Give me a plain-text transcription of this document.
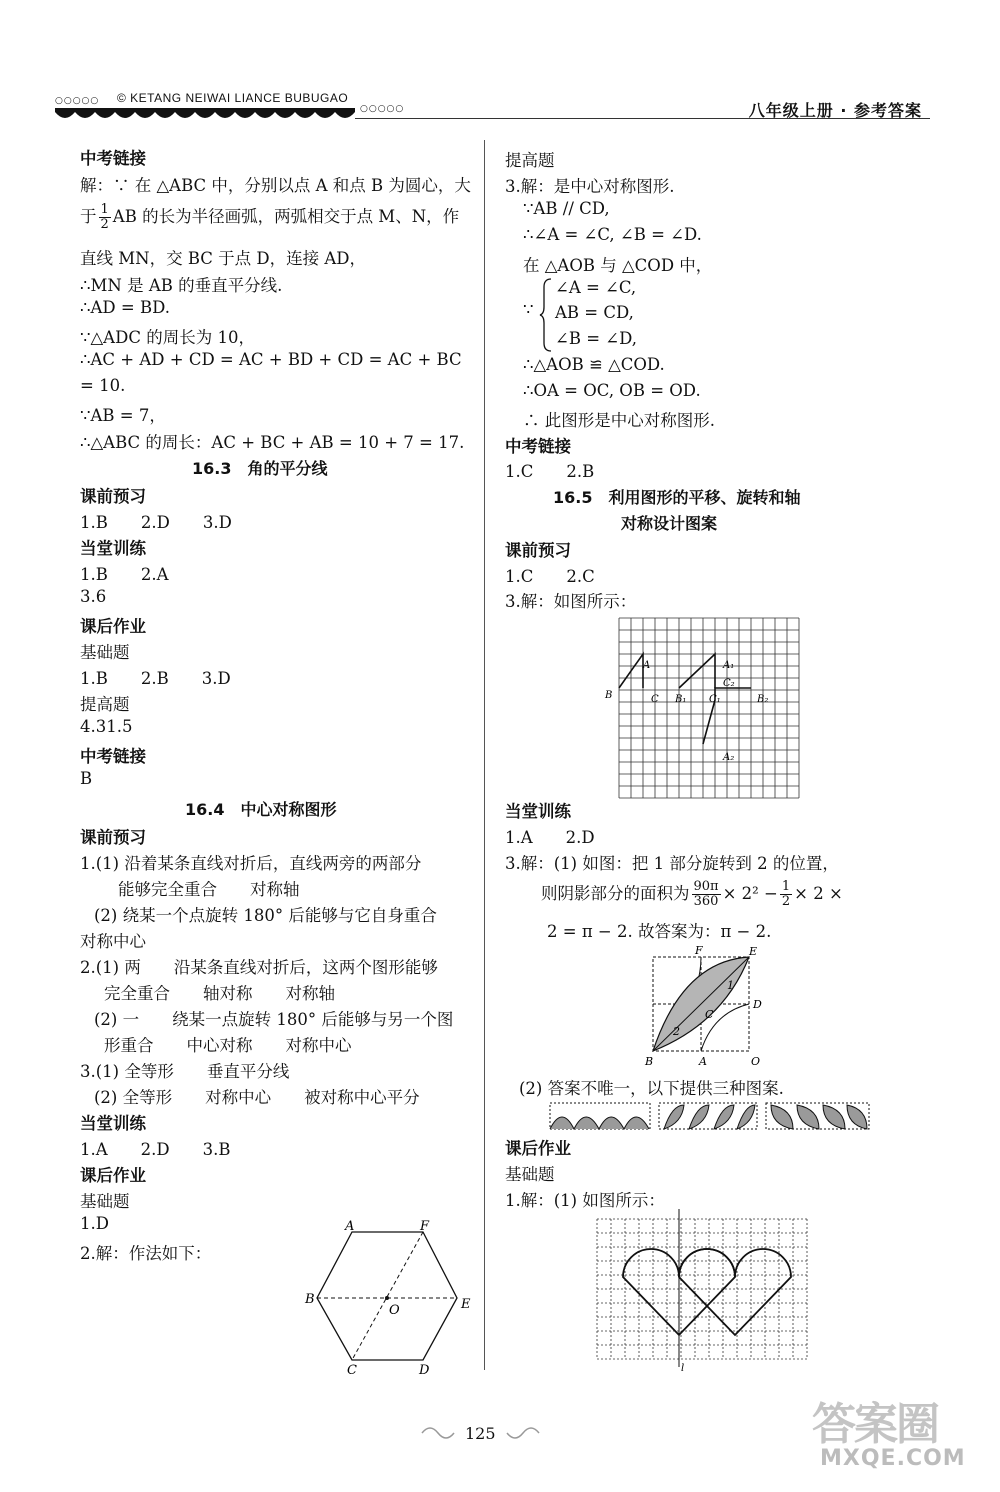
○○○○○ © KETANG NEIWAI LIANCE BUBUGAO
○○○○○	八年级上册 · 参考答案
中考链接
解：∵ 在 △ABC 中，分别以点 A 和点 B 为圆心，大
于 $\frac{1}{2}$ AB 的长为半径画弧，两弧相交于点 M、N，作
直线 MN，交 BC 于点 D，连接 AD，
∴MN 是 AB 的垂直平分线.
∴AD = BD.
∵△ADC 的周长为 10，
∴AC + AD + CD = AC + BD + CD = AC + BC
= 10.
∵AB = 7，
∴△ABC 的周长：AC + BC + AB = 10 + 7 = 17.
16.3　角的平分线
课前预习
1.B　　2.D　　3.D
当堂训练
1.B　　2.A
3.6
课后作业
基础题
1.B　　2.B　　3.D
提高题
4.31.5
中考链接
B
16.4　中心对称图形
课前预习
1.(1) 沿着某条直线对折后，直线两旁的两部分
能够完全重合　　对称轴
(2) 绕某一个点旋转 180° 后能够与它自身重合
对称中心
2.(1) 两　　沿某条直线对折后，这两个图形能够
完全重合　　轴对称　　对称轴
(2) 一　　绕某一点旋转 180° 后能够与另一个图
形重合　　中心对称　　对称中心
3.(1) 全等形　　垂直平分线
(2) 全等形　　对称中心　　被对称中心平分
当堂训练
1.A　　2.D　　3.B
课后作业
基础题
1.D
2.解：作法如下：
A	F
B
O	E
C	D
提高题
3.解：是中心对称图形.
∵AB // CD,
∴∠A = ∠C, ∠B = ∠D.
在 △AOB 与 △COD 中，
∵
∠A = ∠C,
AB = CD,
∠B = ∠D,
∴△AOB ≌ △COD.
∴OA = OC, OB = OD.
∴ 此图形是中心对称图形.
中考链接
1.C　　2.B
16.5　利用图形的平移、旋转和轴
对称设计图案
课前预习
1.C　　2.C
3.解：如图所示：
A	A₁
B	C B₁ C₁
C₂
B₂
A₂
当堂训练
1.A　　2.D
3.解：(1) 如图：把 1 部分旋转到 2 的位置，
则阴影部分的面积为 $\frac{90\pi}{360} \times 2^2 - \frac{1}{2} \times 2$ ×
2 = π − 2. 故答案为：π − 2.
F	E
D
C
B	A	O
1
2
(2) 答案不唯一，以下提供三种图案.
课后作业
基础题
1.解：(1) 如图所示：
l
125	答案圈
MXQE.COM
